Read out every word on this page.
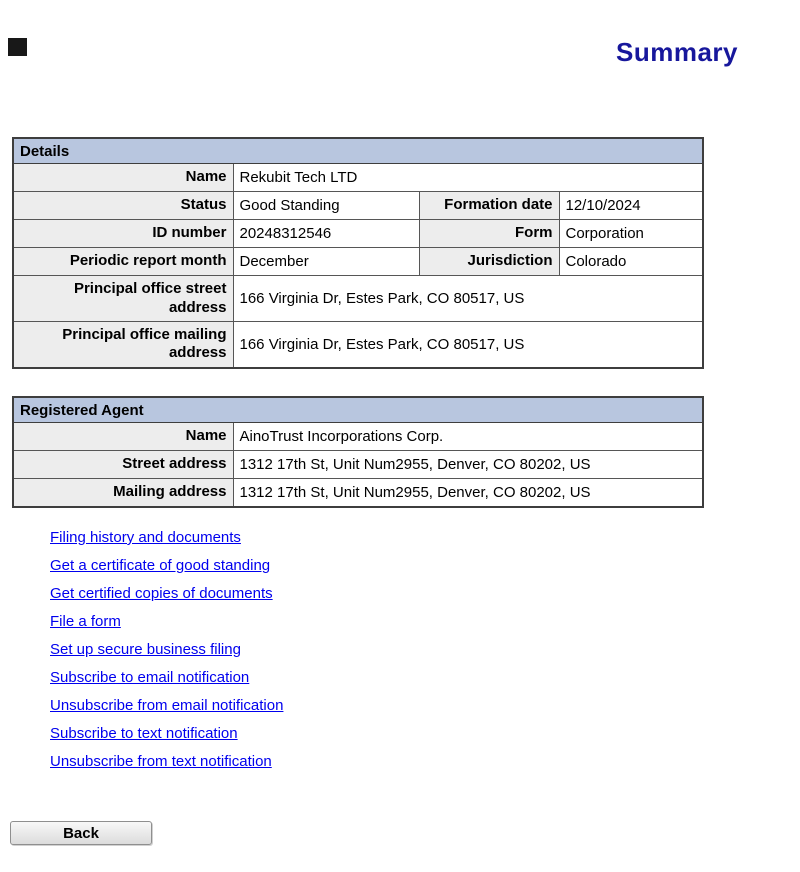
Summary
Details			
Name	Rekubit Tech LTD		
Status	Good Standing	Formation date	12/10/2024
ID number	20248312546	Form	Corporation
Periodic report month	December	Jurisdiction	Colorado
Principal office street address	166 Virginia Dr, Estes Park, CO 80517, US		
Principal office mailing address	166 Virginia Dr, Estes Park, CO 80517, US		
Registered Agent	
Name	AinoTrust Incorporations Corp.
Street address	1312 17th St, Unit Num2955, Denver, CO 80202, US
Mailing address	1312 17th St, Unit Num2955, Denver, CO 80202, US
Filing history and documents
Get a certificate of good standing
Get certified copies of documents
File a form
Set up secure business filing
Subscribe to email notification
Unsubscribe from email notification
Subscribe to text notification
Unsubscribe from text notification
Back
